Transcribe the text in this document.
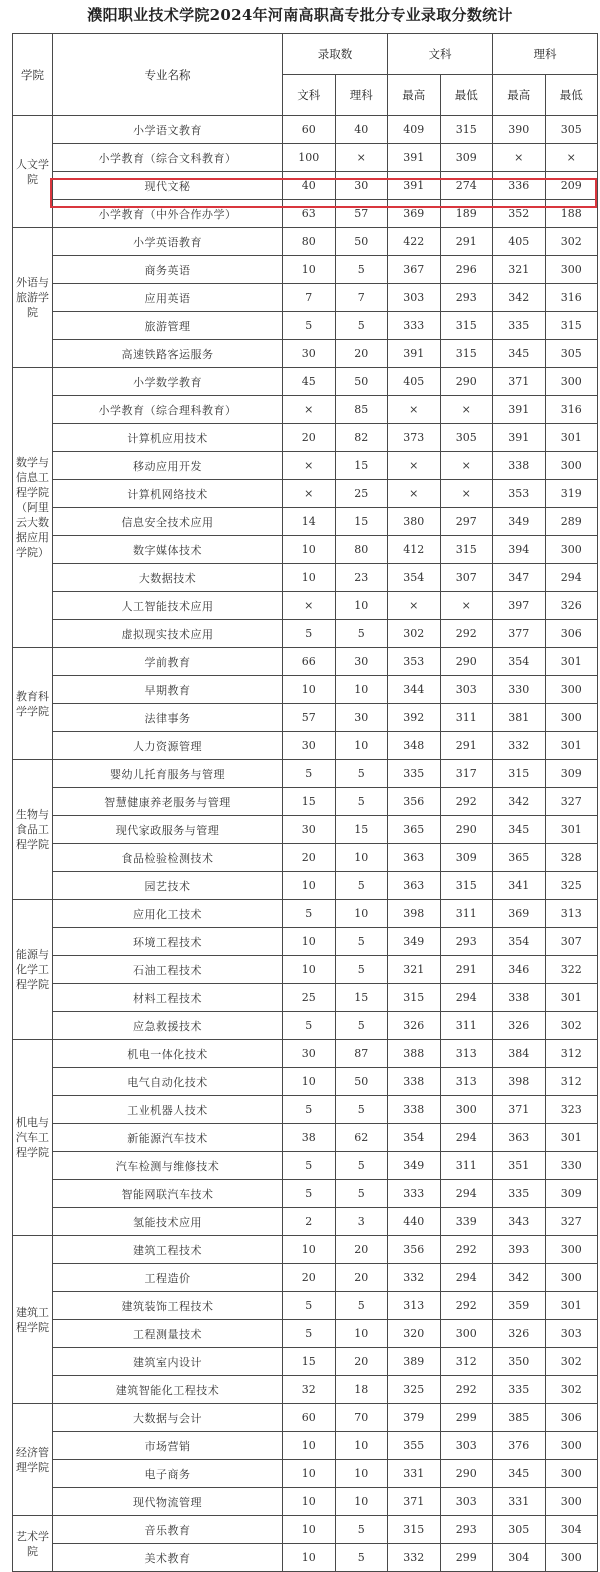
濮阳职业技术学院2024年河南高职高专批分专业录取分数统计
学院	专业名称	录取数		文科		理科	
		文科	理科	最高	最低	最高	最低
人文学院	小学语文教育	60	40	409	315	390	305
	小学教育（综合文科教育）	100	×	391	309	×	×
	现代文秘	40	30	391	274	336	209
	小学教育（中外合作办学）	63	57	369	189	352	188
外语与旅游学院	小学英语教育	80	50	422	291	405	302
	商务英语	10	5	367	296	321	300
	应用英语	7	7	303	293	342	316
	旅游管理	5	5	333	315	335	315
	高速铁路客运服务	30	20	391	315	345	305
数学与信息工程学院（阿里云大数据应用学院）	小学数学教育	45	50	405	290	371	300
	小学教育（综合理科教育）	×	85	×	×	391	316
	计算机应用技术	20	82	373	305	391	301
	移动应用开发	×	15	×	×	338	300
	计算机网络技术	×	25	×	×	353	319
	信息安全技术应用	14	15	380	297	349	289
	数字媒体技术	10	80	412	315	394	300
	大数据技术	10	23	354	307	347	294
	人工智能技术应用	×	10	×	×	397	326
	虚拟现实技术应用	5	5	302	292	377	306
教育科学学院	学前教育	66	30	353	290	354	301
	早期教育	10	10	344	303	330	300
	法律事务	57	30	392	311	381	300
	人力资源管理	30	10	348	291	332	301
生物与食品工程学院	婴幼儿托育服务与管理	5	5	335	317	315	309
	智慧健康养老服务与管理	15	5	356	292	342	327
	现代家政服务与管理	30	15	365	290	345	301
	食品检验检测技术	20	10	363	309	365	328
	园艺技术	10	5	363	315	341	325
能源与化学工程学院	应用化工技术	5	10	398	311	369	313
	环境工程技术	10	5	349	293	354	307
	石油工程技术	10	5	321	291	346	322
	材料工程技术	25	15	315	294	338	301
	应急救援技术	5	5	326	311	326	302
机电与汽车工程学院	机电一体化技术	30	87	388	313	384	312
	电气自动化技术	10	50	338	313	398	312
	工业机器人技术	5	5	338	300	371	323
	新能源汽车技术	38	62	354	294	363	301
	汽车检测与维修技术	5	5	349	311	351	330
	智能网联汽车技术	5	5	333	294	335	309
	氢能技术应用	2	3	440	339	343	327
建筑工程学院	建筑工程技术	10	20	356	292	393	300
	工程造价	20	20	332	294	342	300
	建筑装饰工程技术	5	5	313	292	359	301
	工程测量技术	5	10	320	300	326	303
	建筑室内设计	15	20	389	312	350	302
	建筑智能化工程技术	32	18	325	292	335	302
经济管理学院	大数据与会计	60	70	379	299	385	306
	市场营销	10	10	355	303	376	300
	电子商务	10	10	331	290	345	300
	现代物流管理	10	10	371	303	331	300
艺术学院	音乐教育	10	5	315	293	305	304
	美术教育	10	5	332	299	304	300
